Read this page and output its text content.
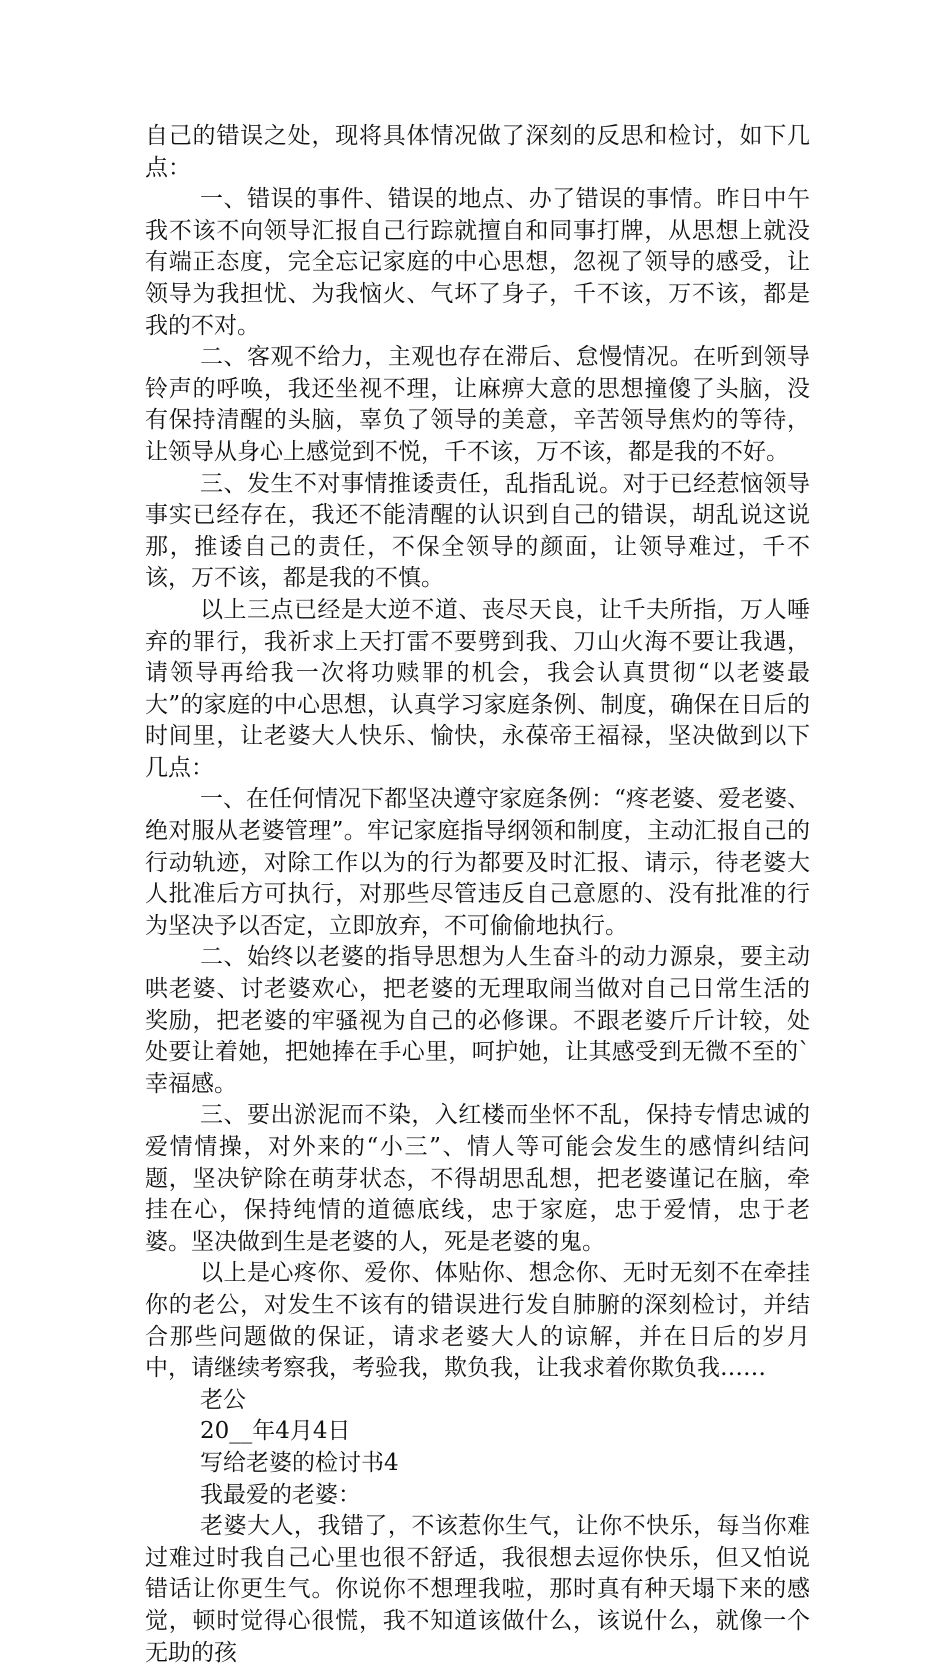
自己的错误之处，现将具体情况做了深刻的反思和检讨，如下几点：

一、错误的事件、错误的地点、办了错误的事情。昨日中午我不该不向领导汇报自己行踪就擅自和同事打牌，从思想上就没有端正态度，完全忘记家庭的中心思想，忽视了领导的感受，让领导为我担忧、为我恼火、气坏了身子，千不该，万不该，都是我的不对。

二、客观不给力，主观也存在滞后、怠慢情况。在听到领导铃声的呼唤，我还坐视不理，让麻痹大意的思想撞傻了头脑，没有保持清醒的头脑，辜负了领导的美意，辛苦领导焦灼的等待，让领导从身心上感觉到不悦，千不该，万不该，都是我的不好。

三、发生不对事情推诿责任，乱指乱说。对于已经惹恼领导事实已经存在，我还不能清醒的认识到自己的错误，胡乱说这说那，推诿自己的责任，不保全领导的颜面，让领导难过，千不该，万不该，都是我的不慎。

以上三点已经是大逆不道、丧尽天良，让千夫所指，万人唾弃的罪行，我祈求上天打雷不要劈到我、刀山火海不要让我遇，请领导再给我一次将功赎罪的机会，我会认真贯彻“以老婆最大”的家庭的中心思想，认真学习家庭条例、制度，确保在日后的时间里，让老婆大人快乐、愉快，永葆帝王福禄，坚决做到以下几点：

一、在任何情况下都坚决遵守家庭条例：“疼老婆、爱老婆、绝对服从老婆管理”。牢记家庭指导纲领和制度，主动汇报自己的行动轨迹，对除工作以为的行为都要及时汇报、请示，待老婆大人批准后方可执行，对那些尽管违反自己意愿的、没有批准的行为坚决予以否定，立即放弃，不可偷偷地执行。

二、始终以老婆的指导思想为人生奋斗的动力源泉，要主动哄老婆、讨老婆欢心，把老婆的无理取闹当做对自己日常生活的奖励，把老婆的牢骚视为自己的必修课。不跟老婆斤斤计较，处处要让着她，把她捧在手心里，呵护她，让其感受到无微不至的`幸福感。

三、要出淤泥而不染，入红楼而坐怀不乱，保持专情忠诚的爱情情操，对外来的“小三”、情人等可能会发生的感情纠结问题，坚决铲除在萌芽状态，不得胡思乱想，把老婆谨记在脑，牵挂在心，保持纯情的道德底线，忠于家庭，忠于爱情，忠于老婆。坚决做到生是老婆的人，死是老婆的鬼。

以上是心疼你、爱你、体贴你、想念你、无时无刻不在牵挂你的老公，对发生不该有的错误进行发自肺腑的深刻检讨，并结合那些问题做的保证，请求老婆大人的谅解，并在日后的岁月中，请继续考察我，考验我，欺负我，让我求着你欺负我……

老公

20__年4月4日

写给老婆的检讨书4

我最爱的老婆：

老婆大人，我错了，不该惹你生气，让你不快乐，每当你难过难过时我自己心里也很不舒适，我很想去逗你快乐，但又怕说错话让你更生气。你说你不想理我啦，那时真有种天塌下来的感觉，顿时觉得心很慌，我不知道该做什么，该说什么，就像一个无助的孩
